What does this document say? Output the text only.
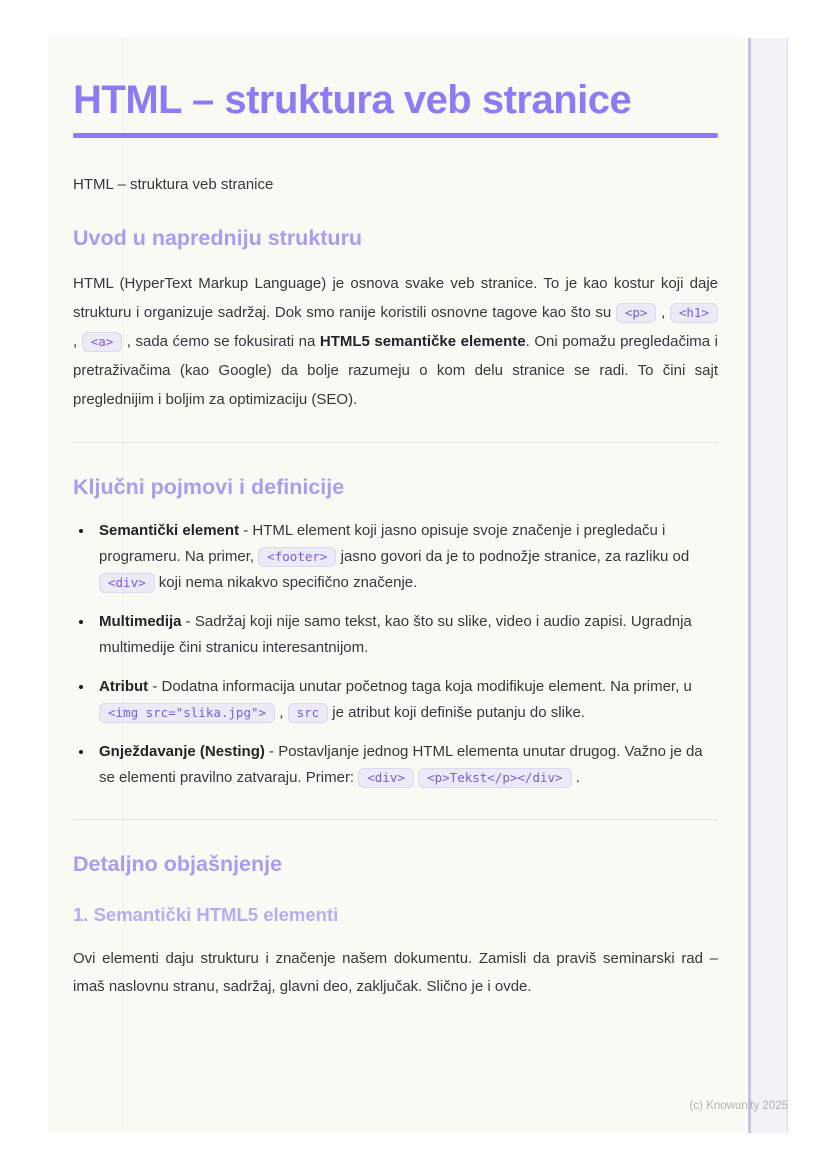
HTML – struktura veb stranice
HTML – struktura veb stranice
Uvod u napredniju strukturu

HTML (HyperText Markup Language) je osnova svake veb stranice. To je kao kostur koji daje strukturu i organizuje sadržaj. Dok smo ranije koristili osnovne tagove kao što su <p> , <h1> , <a> , sada ćemo se fokusirati na HTML5 semantičke elemente. Oni pomažu pregledačima i pretraživačima (kao Google) da bolje razumeju o kom delu stranice se radi. To čini sajt preglednijim i boljim za optimizaciju (SEO).

Ključni pojmovi i definicije
• Semantički element - HTML element koji jasno opisuje svoje značenje i pregledaču i programeru. Na primer, <footer> jasno govori da je to podnožje stranice, za razliku od <div> koji nema nikakvo specifično značenje.
• Multimedija - Sadržaj koji nije samo tekst, kao što su slike, video i audio zapisi. Ugradnja multimedije čini stranicu interesantnijom.
• Atribut - Dodatna informacija unutar početnog taga koja modifikuje element. Na primer, u <img src="slika.jpg"> , src je atribut koji definiše putanju do slike.
• Gnježdavanje (Nesting) - Postavljanje jednog HTML elementa unutar drugog. Važno je da se elementi pravilno zatvaraju. Primer: <div> <p>Tekst</p></div> .
Detaljno objašnjenje
1. Semantički HTML5 elementi

Ovi elementi daju strukturu i značenje našem dokumentu. Zamisli da praviš seminarski rad – imaš naslovnu stranu, sadržaj, glavni deo, zaključak. Slično je i ovde.

(c) Knowunity 2025
